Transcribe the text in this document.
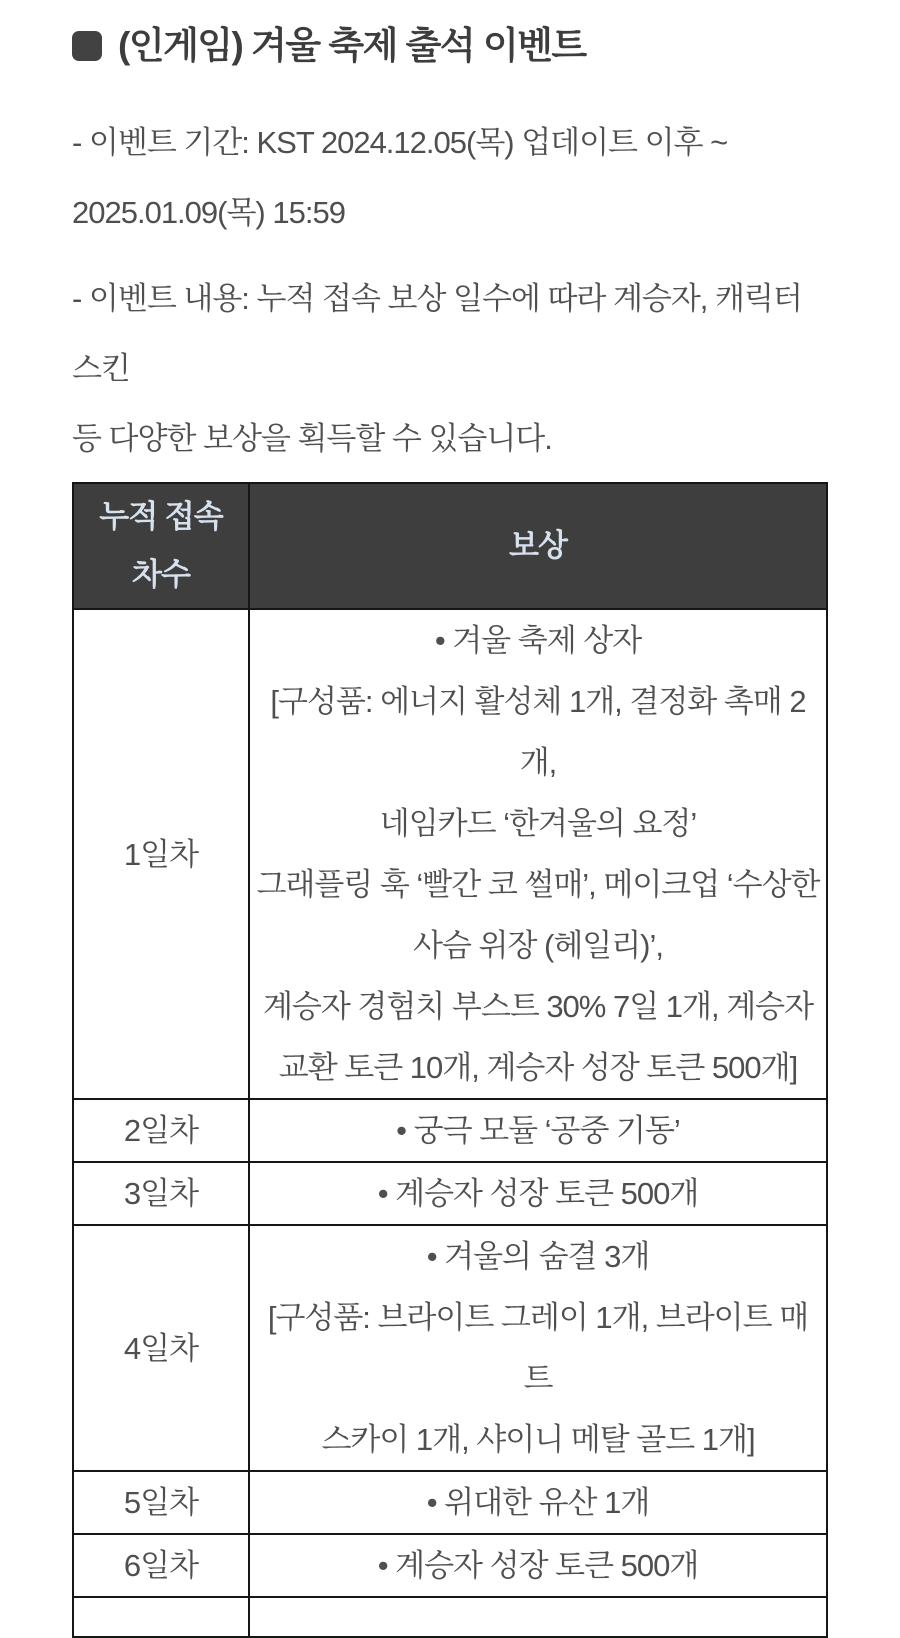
(인게임) 겨울 축제 출석 이벤트
- 이벤트 기간: KST 2024.12.05(목) 업데이트 이후 ~
2025.01.09(목) 15:59
- 이벤트 내용: 누적 접속 보상 일수에 따라 계승자, 캐릭터 스킨
등 다양한 보상을 획득할 수 있습니다.
누적 접속
차수	보상
1일차	
• 겨울 축제 상자
[구성품: 에너지 활성체 1개, 결정화 촉매 2개,
네임카드 ‘한겨울의 요정’
그래플링 훅 ‘빨간 코 썰매’, 메이크업 ‘수상한
사슴 위장 (헤일리)’,
계승자 경험치 부스트 30% 7일 1개, 계승자
교환 토큰 10개, 계승자 성장 토큰 500개]

2일차	• 궁극 모듈 ‘공중 기동’

3일차	• 계승자 성장 토큰 500개

4일차	• 겨울의 숨결 3개
[구성품: 브라이트 그레이 1개, 브라이트 매트
스카이 1개, 샤이니 메탈 골드 1개]

5일차	• 위대한 유산 1개

6일차	• 계승자 성장 토큰 500개
